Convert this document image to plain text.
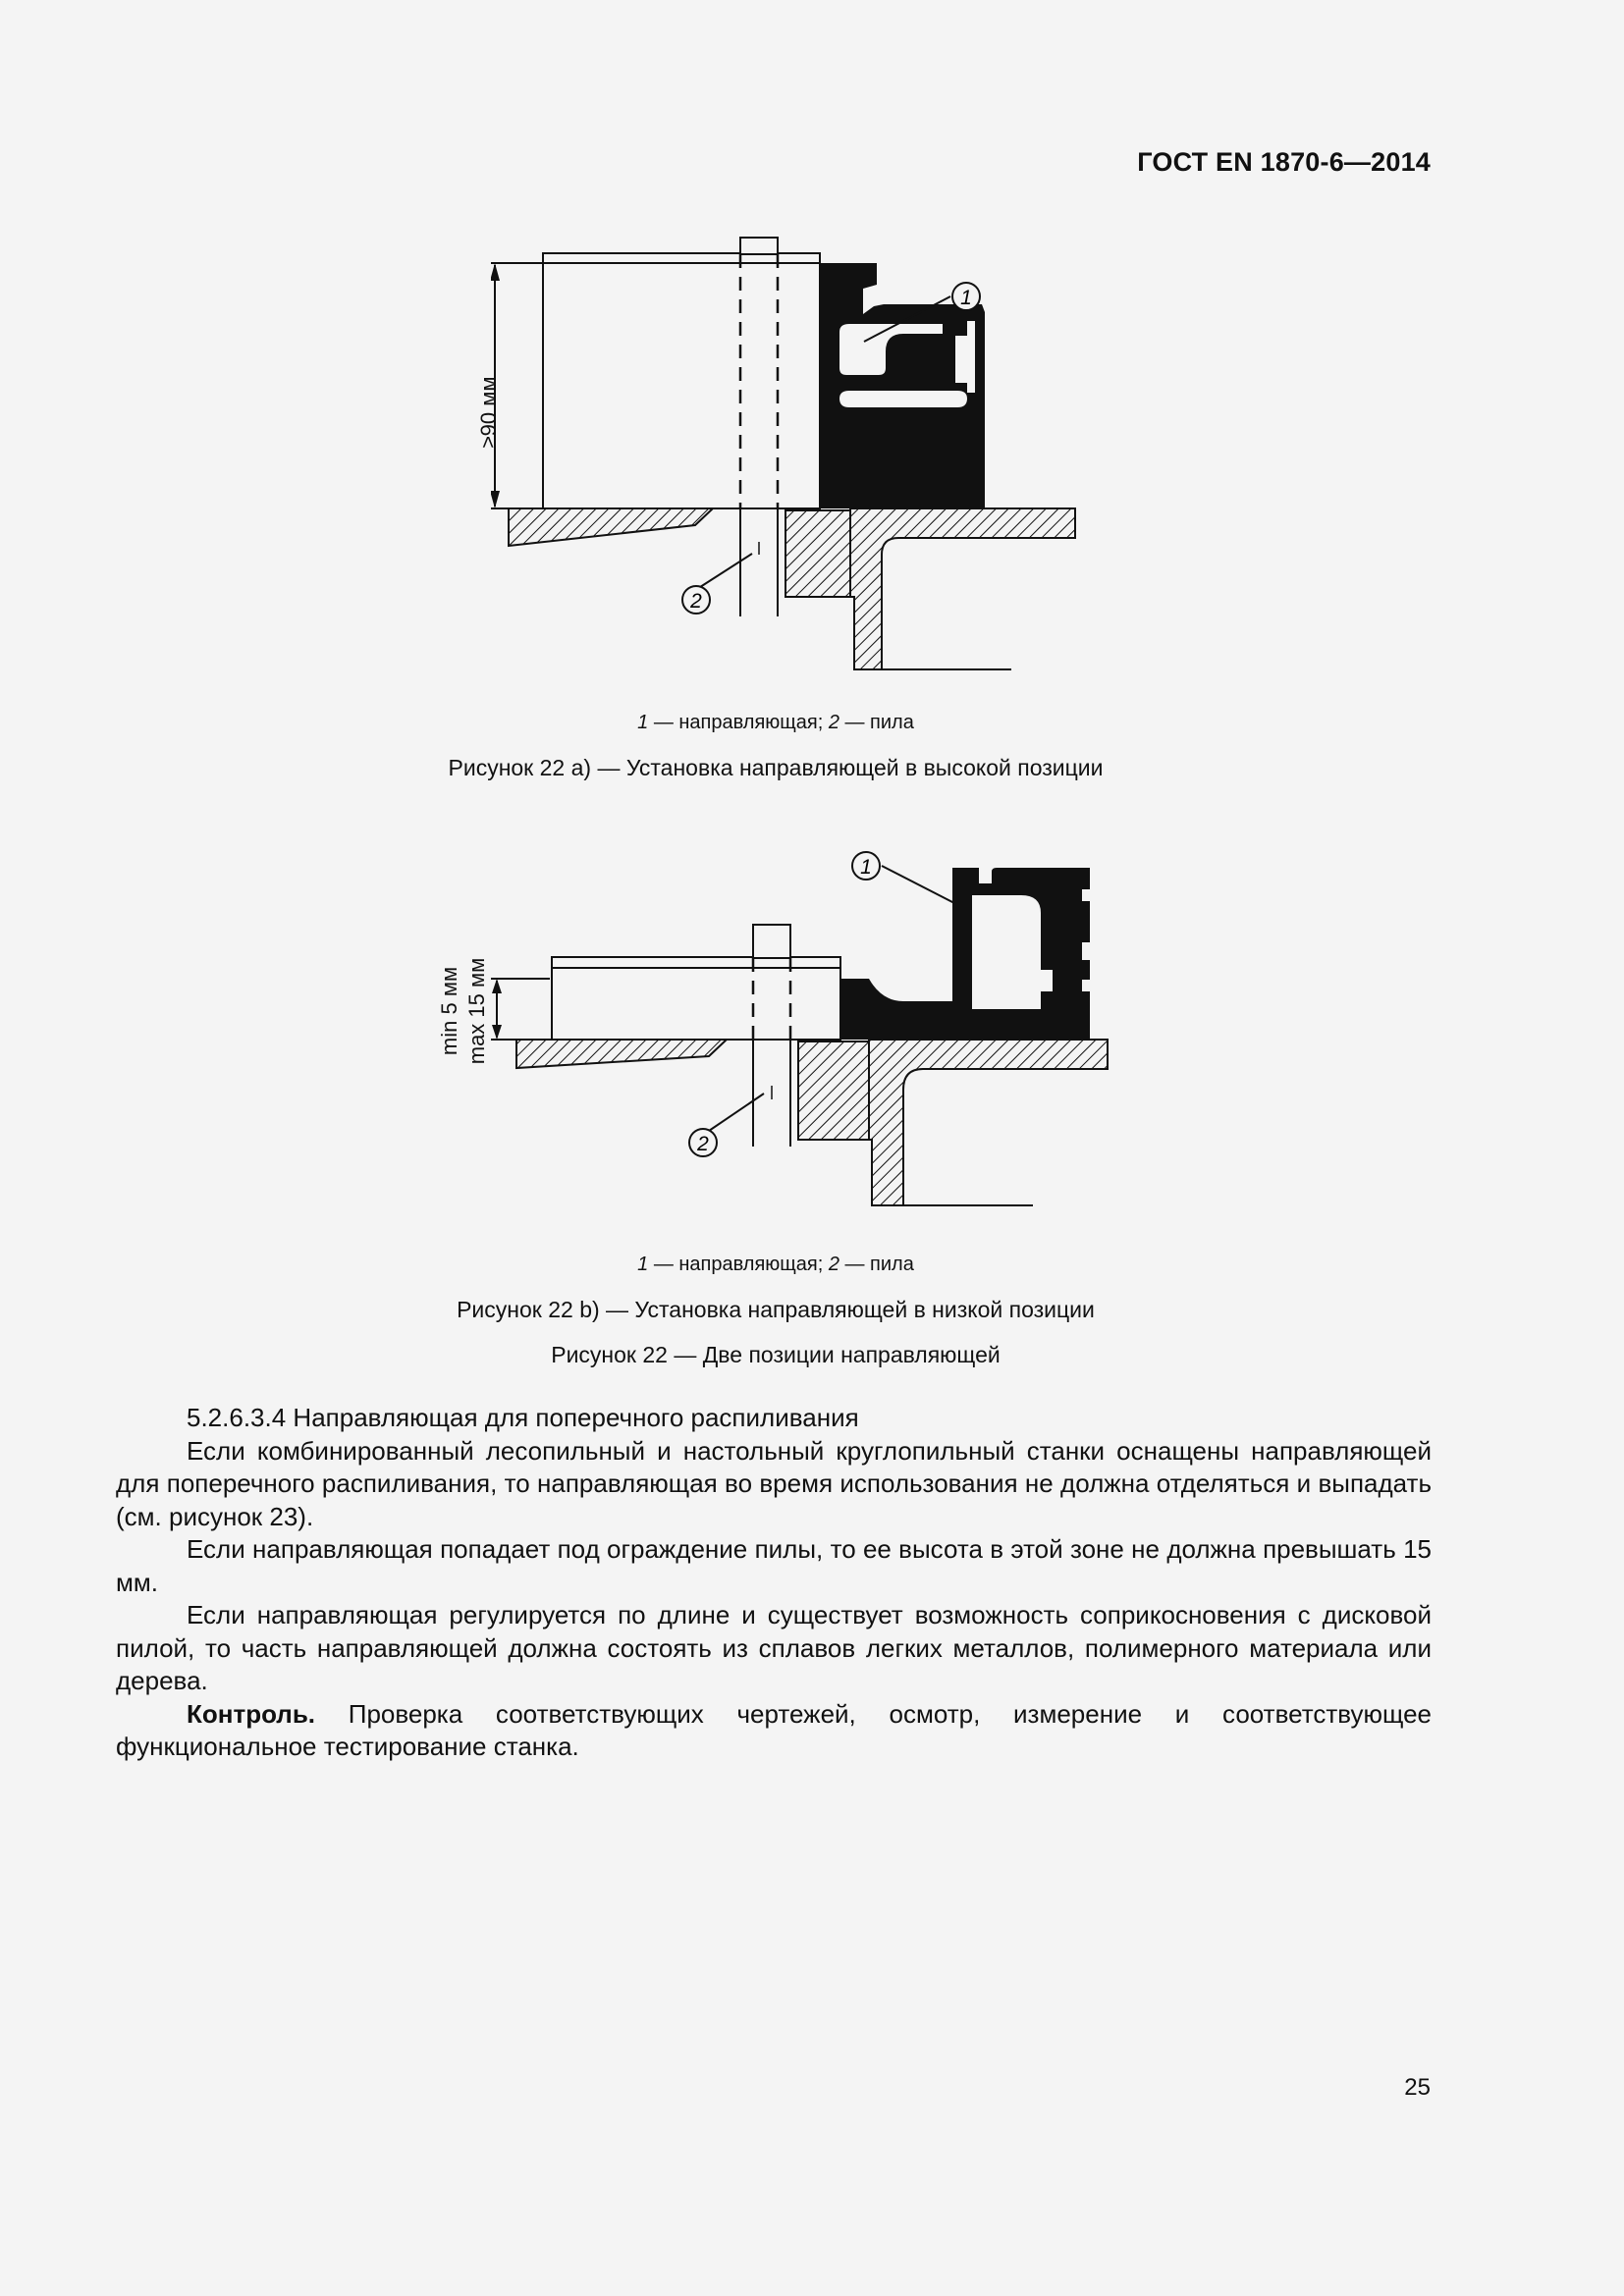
ГОСТ EN 1870-6—2014
1
2
≥90 мм
1 — направляющая; 2 — пила
Рисунок 22 a) — Установка направляющей в высокой позиции
1
2
min 5 мм max 15 мм
1 — направляющая; 2 — пила
Рисунок 22 b) — Установка направляющей в низкой позиции
Рисунок 22 — Две позиции направляющей

5.2.6.3.4 Направляющая для поперечного распиливания

Если комбинированный лесопильный и настольный круглопильный станки оснащены направляющей для поперечного распиливания, то направляющая во время использования не должна отделяться и выпадать (см. рисунок 23).

Если направляющая попадает под ограждение пилы, то ее высота в этой зоне не должна превышать 15 мм.

Если направляющая регулируется по длине и существует возможность соприкосновения с дисковой пилой, то часть направляющей должна состоять из сплавов легких металлов, полимерного материала или дерева.

Контроль. Проверка соответствующих чертежей, осмотр, измерение и соответствующее функциональное тестирование станка.

25
